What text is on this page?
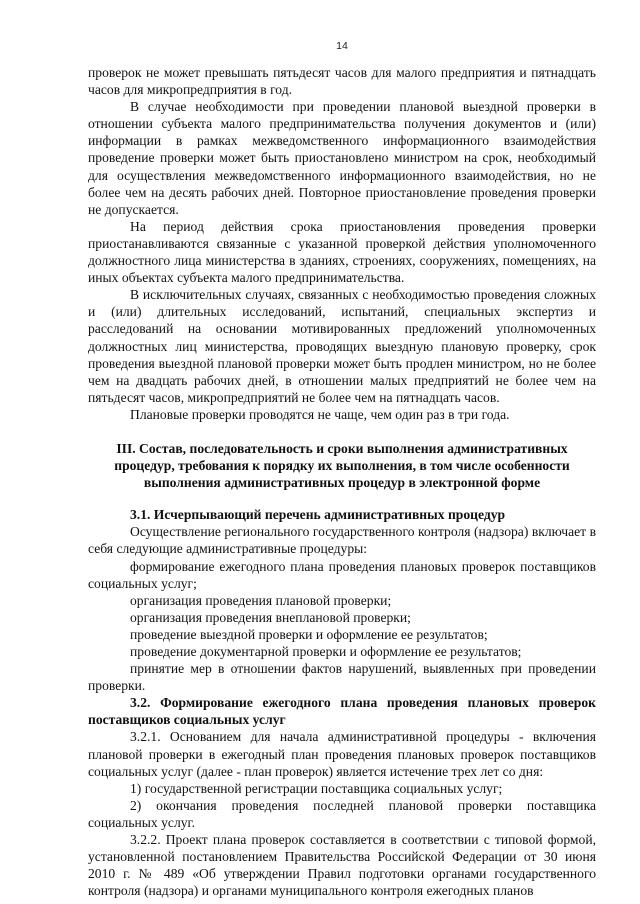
14

проверок не может превышать пятьдесят часов для малого предприятия и пятнадцать часов для микропредприятия в год.

В случае необходимости при проведении плановой выездной проверки в отношении субъекта малого предпринимательства получения документов и (или) информации в рамках межведомственного информационного взаимодействия проведение проверки может быть приостановлено министром на срок, необходимый для осуществления межведомственного информационного взаимодействия, но не более чем на десять рабочих дней. Повторное приостановление проведения проверки не допускается.

На период действия срока приостановления проведения проверки приостанавливаются связанные с указанной проверкой действия уполномоченного должностного лица министерства в зданиях, строениях, сооружениях, помещениях, на иных объектах субъекта малого предпринимательства.

В исключительных случаях, связанных с необходимостью проведения сложных и (или) длительных исследований, испытаний, специальных экспертиз и расследований на основании мотивированных предложений уполномоченных должностных лиц министерства, проводящих выездную плановую проверку, срок проведения выездной плановой проверки может быть продлен министром, но не более чем на двадцать рабочих дней, в отношении малых предприятий не более чем на пятьдесят часов, микропредприятий не более чем на пятнадцать часов.

Плановые проверки проводятся не чаще, чем один раз в три года.

III. Состав, последовательность и сроки выполнения административных процедур, требования к порядку их выполнения, в том числе особенности выполнения административных процедур в электронной форме

3.1. Исчерпывающий перечень административных процедур

Осуществление регионального государственного контроля (надзора) включает в себя следующие административные процедуры:

формирование ежегодного плана проведения плановых проверок поставщиков социальных услуг;

организация проведения плановой проверки;

организация проведения внеплановой проверки;

проведение выездной проверки и оформление ее результатов;

проведение документарной проверки и оформление ее результатов;

принятие мер в отношении фактов нарушений, выявленных при проведении проверки.

3.2. Формирование ежегодного плана проведения плановых проверок поставщиков социальных услуг

3.2.1. Основанием для начала административной процедуры - включения плановой проверки в ежегодный план проведения плановых проверок поставщиков социальных услуг (далее - план проверок) является истечение трех лет со дня:

1) государственной регистрации поставщика социальных услуг;

2) окончания проведения последней плановой проверки поставщика социальных услуг.

3.2.2. Проект плана проверок составляется в соответствии с типовой формой, установленной постановлением Правительства Российской Федерации от 30 июня 2010 г. № 489 «Об утверждении Правил подготовки органами государственного контроля (надзора) и органами муниципального контроля ежегодных планов
